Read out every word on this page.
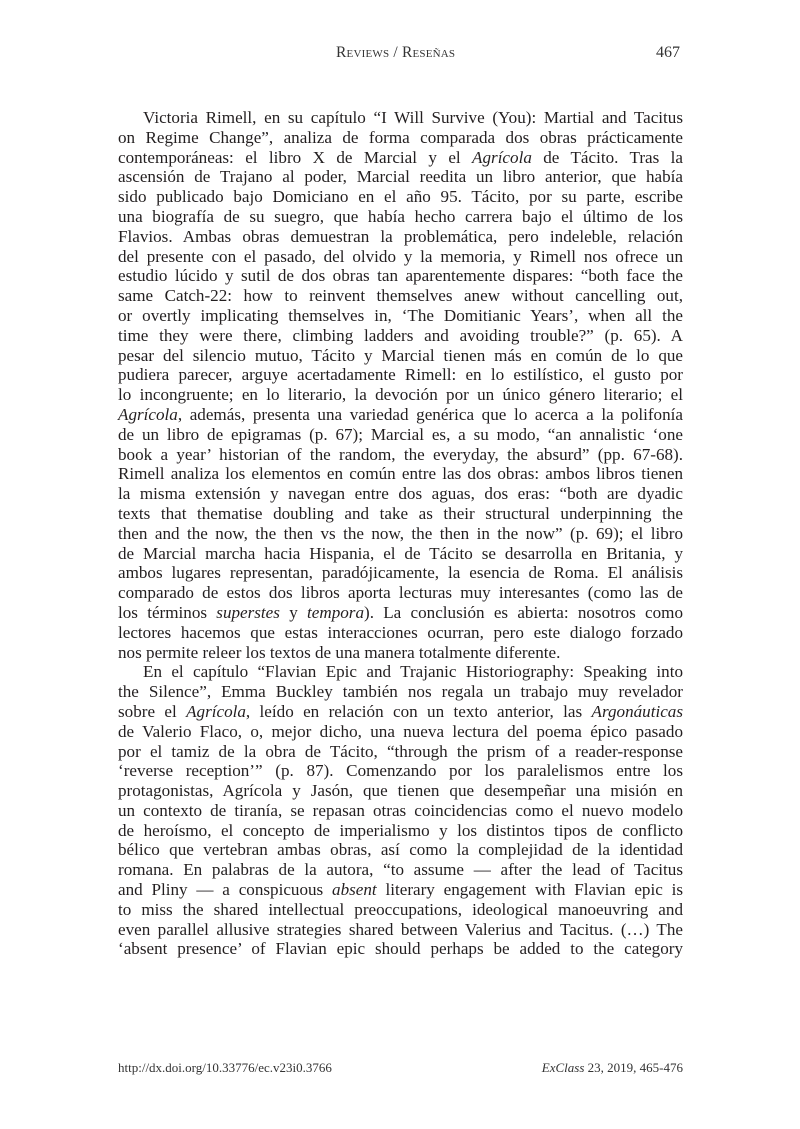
Reviews / Reseñas	467
Victoria Rimell, en su capítulo “I Will Survive (You): Martial and Tacitus
on Regime Change”, analiza de forma comparada dos obras prácticamente
contemporáneas: el libro X de Marcial y el Agrícola de Tácito. Tras la
ascensión de Trajano al poder, Marcial reedita un libro anterior, que había
sido publicado bajo Domiciano en el año 95. Tácito, por su parte, escribe
una biografía de su suegro, que había hecho carrera bajo el último de los
Flavios. Ambas obras demuestran la problemática, pero indeleble, relación
del presente con el pasado, del olvido y la memoria, y Rimell nos ofrece un
estudio lúcido y sutil de dos obras tan aparentemente dispares: “both face the
same Catch-22: how to reinvent themselves anew without cancelling out,
or overtly implicating themselves in, ‘The Domitianic Years’, when all the
time they were there, climbing ladders and avoiding trouble?” (p. 65). A
pesar del silencio mutuo, Tácito y Marcial tienen más en común de lo que
pudiera parecer, arguye acertadamente Rimell: en lo estilístico, el gusto por
lo incongruente; en lo literario, la devoción por un único género literario; el
Agrícola, además, presenta una variedad genérica que lo acerca a la polifonía
de un libro de epigramas (p. 67); Marcial es, a su modo, “an annalistic ‘one
book a year’ historian of the random, the everyday, the absurd” (pp. 67-68).
Rimell analiza los elementos en común entre las dos obras: ambos libros tienen
la misma extensión y navegan entre dos aguas, dos eras: “both are dyadic
texts that thematise doubling and take as their structural underpinning the
then and the now, the then vs the now, the then in the now” (p. 69); el libro
de Marcial marcha hacia Hispania, el de Tácito se desarrolla en Britania, y
ambos lugares representan, paradójicamente, la esencia de Roma. El análisis
comparado de estos dos libros aporta lecturas muy interesantes (como las de
los términos superstes y tempora). La conclusión es abierta: nosotros como
lectores hacemos que estas interacciones ocurran, pero este dialogo forzado
nos permite releer los textos de una manera totalmente diferente.
En el capítulo “Flavian Epic and Trajanic Historiography: Speaking into
the Silence”, Emma Buckley también nos regala un trabajo muy revelador
sobre el Agrícola, leído en relación con un texto anterior, las Argonáuticas
de Valerio Flaco, o, mejor dicho, una nueva lectura del poema épico pasado
por el tamiz de la obra de Tácito, “through the prism of a reader-response
‘reverse reception’” (p. 87). Comenzando por los paralelismos entre los
protagonistas, Agrícola y Jasón, que tienen que desempeñar una misión en
un contexto de tiranía, se repasan otras coincidencias como el nuevo modelo
de heroísmo, el concepto de imperialismo y los distintos tipos de conflicto
bélico que vertebran ambas obras, así como la complejidad de la identidad
romana. En palabras de la autora, “to assume — after the lead of Tacitus
and Pliny — a conspicuous absent literary engagement with Flavian epic is
to miss the shared intellectual preoccupations, ideological manoeuvring and
even parallel allusive strategies shared between Valerius and Tacitus. (…) The
‘absent presence’ of Flavian epic should perhaps be added to the category
http://dx.doi.org/10.33776/ec.v23i0.3766	ExClass 23, 2019, 465-476
